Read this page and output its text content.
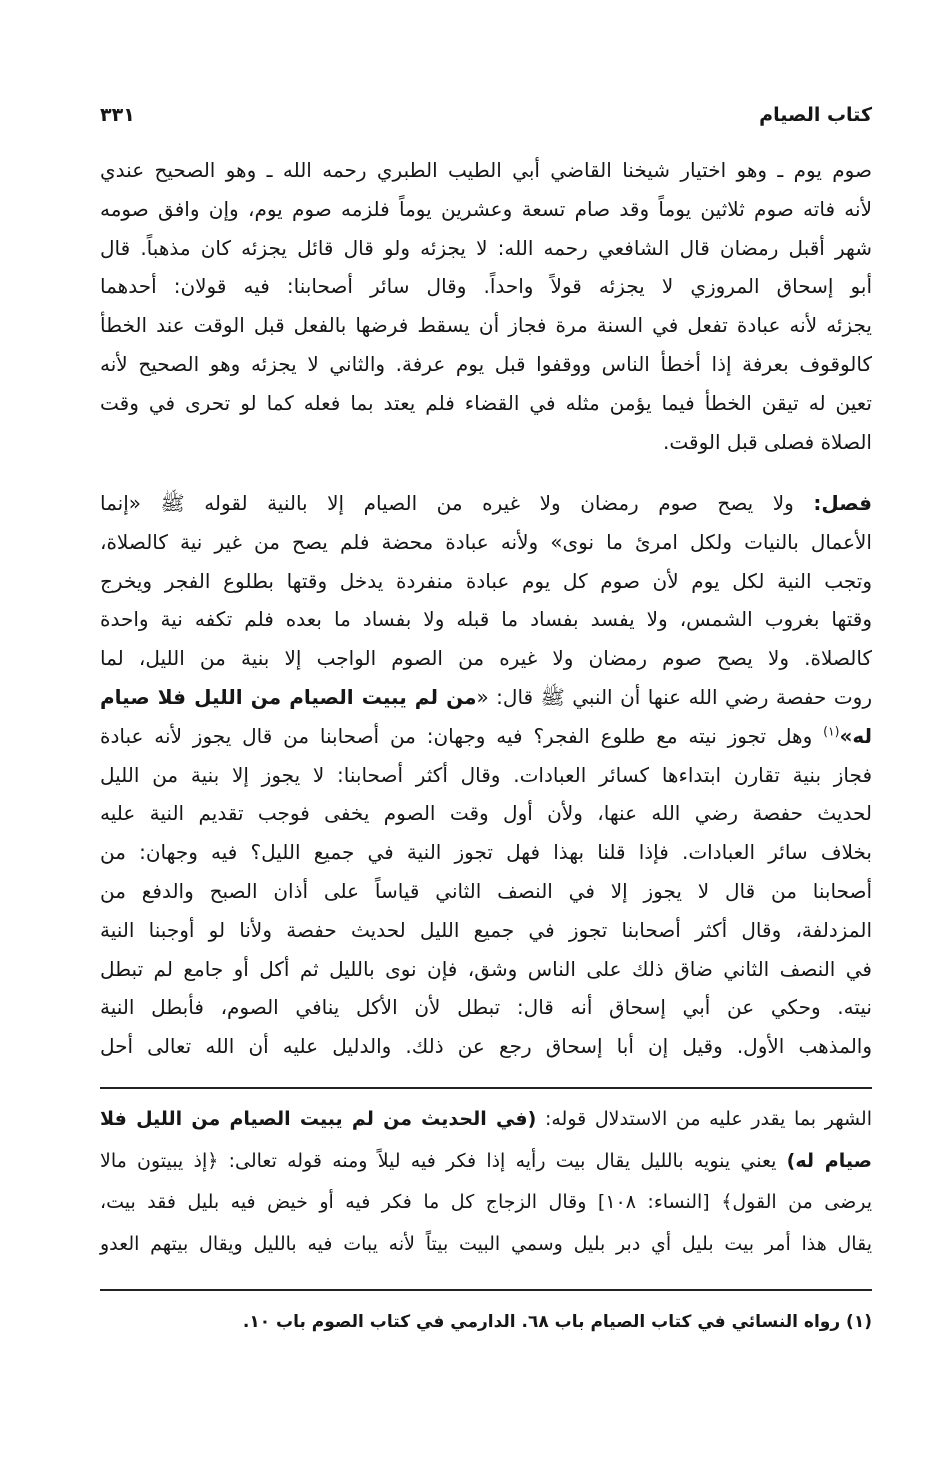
كتاب الصيام
٣٣١
صوم يوم ـ وهو اختيار شيخنا القاضي أبي الطيب الطبري رحمه الله ـ وهو الصحيح عندي
لأنه فاته صوم ثلاثين يوماً وقد صام تسعة وعشرين يوماً فلزمه صوم يوم، وإن وافق صومه
شهر أقبل رمضان قال الشافعي رحمه الله: لا يجزئه ولو قال قائل يجزئه كان مذهباً. قال
أبو إسحاق المروزي لا يجزئه قولاً واحداً. وقال سائر أصحابنا: فيه قولان: أحدهما
يجزئه لأنه عبادة تفعل في السنة مرة فجاز أن يسقط فرضها بالفعل قبل الوقت عند الخطأ
كالوقوف بعرفة إذا أخطأ الناس ووقفوا قبل يوم عرفة. والثاني لا يجزئه وهو الصحيح لأنه
تعين له تيقن الخطأ فيما يؤمن مثله في القضاء فلم يعتد بما فعله كما لو تحرى في وقت
الصلاة فصلى قبل الوقت.
فصل: ولا يصح صوم رمضان ولا غيره من الصيام إلا بالنية لقوله ﷺ «إنما
الأعمال بالنيات ولكل امرئ ما نوى» ولأنه عبادة محضة فلم يصح من غير نية كالصلاة،
وتجب النية لكل يوم لأن صوم كل يوم عبادة منفردة يدخل وقتها بطلوع الفجر ويخرج
وقتها بغروب الشمس، ولا يفسد بفساد ما قبله ولا بفساد ما بعده فلم تكفه نية واحدة
كالصلاة. ولا يصح صوم رمضان ولا غيره من الصوم الواجب إلا بنية من الليل، لما
روت حفصة رضي الله عنها أن النبي ﷺ قال: «من لم يبيت الصيام من الليل فلا صيام
له»$^{(١)}$ وهل تجوز نيته مع طلوع الفجر؟ فيه وجهان: من أصحابنا من قال يجوز لأنه عبادة
فجاز بنية تقارن ابتداءها كسائر العبادات. وقال أكثر أصحابنا: لا يجوز إلا بنية من الليل
لحديث حفصة رضي الله عنها، ولأن أول وقت الصوم يخفى فوجب تقديم النية عليه
بخلاف سائر العبادات. فإذا قلنا بهذا فهل تجوز النية في جميع الليل؟ فيه وجهان: من
أصحابنا من قال لا يجوز إلا في النصف الثاني قياساً على أذان الصبح والدفع من
المزدلفة، وقال أكثر أصحابنا تجوز في جميع الليل لحديث حفصة ولأنا لو أوجبنا النية
في النصف الثاني ضاق ذلك على الناس وشق، فإن نوى بالليل ثم أكل أو جامع لم تبطل
نيته. وحكي عن أبي إسحاق أنه قال: تبطل لأن الأكل ينافي الصوم، فأبطل النية
والمذهب الأول. وقيل إن أبا إسحاق رجع عن ذلك. والدليل عليه أن الله تعالى أحل
الشهر بما يقدر عليه من الاستدلال قوله: (في الحديث من لم يبيت الصيام من الليل فلا
صيام له) يعني ينويه بالليل يقال بيت رأيه إذا فكر فيه ليلاً ومنه قوله تعالى: ﴿إذ يبيتون مالا
يرضى من القول﴾ [النساء: ١٠٨] وقال الزجاج كل ما فكر فيه أو خيض فيه بليل فقد بيت،
يقال هذا أمر بيت بليل أي دبر بليل وسمي البيت بيتاً لأنه يبات فيه بالليل ويقال بيتهم العدو

(١) رواه النسائي في كتاب الصيام باب ٦٨. الدارمي في كتاب الصوم باب ١٠.
